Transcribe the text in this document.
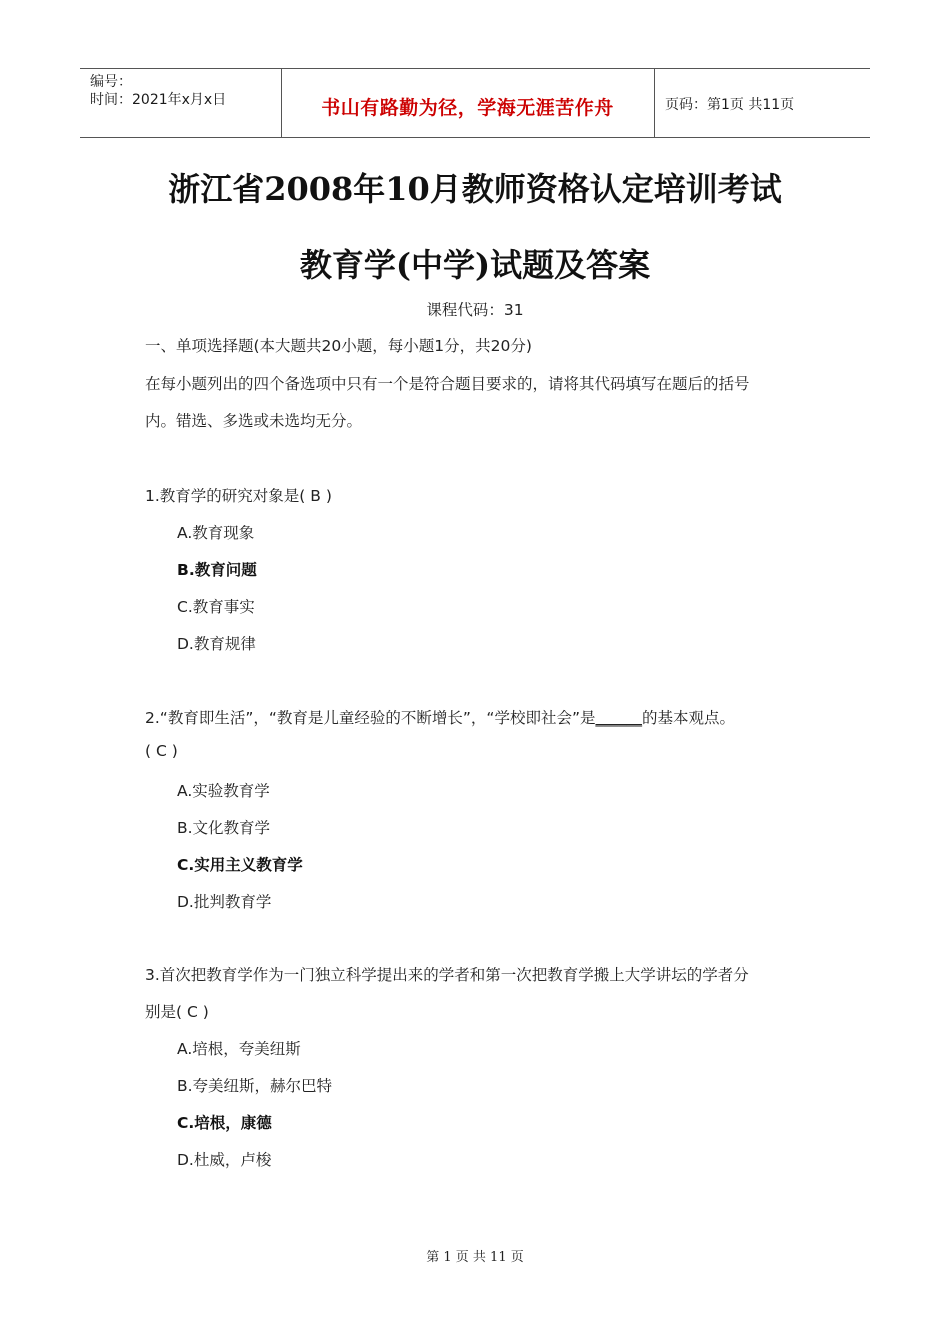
编号：
时间：2021年x月x日	书山有路勤为径，学海无涯苦作舟	页码：第1页 共11页
浙江省2008年10月教师资格认定培训考试
教育学(中学)试题及答案
课程代码：31
一、单项选择题(本大题共20小题，每小题1分，共20分)
在每小题列出的四个备选项中只有一个是符合题目要求的，请将其代码填写在题后的括号
内。错选、多选或未选均无分。
1.教育学的研究对象是( B )
A.教育现象
B.教育问题
C.教育事实
D.教育规律
2.“教育即生活”，“教育是儿童经验的不断增长”，“学校即社会”是______的基本观点。
( C )
A.实验教育学
B.文化教育学
C.实用主义教育学
D.批判教育学
3.首次把教育学作为一门独立科学提出来的学者和第一次把教育学搬上大学讲坛的学者分
别是( C )
A.培根，夸美纽斯
B.夸美纽斯，赫尔巴特
C.培根，康德
D.杜威，卢梭
第 1 页 共 11 页
